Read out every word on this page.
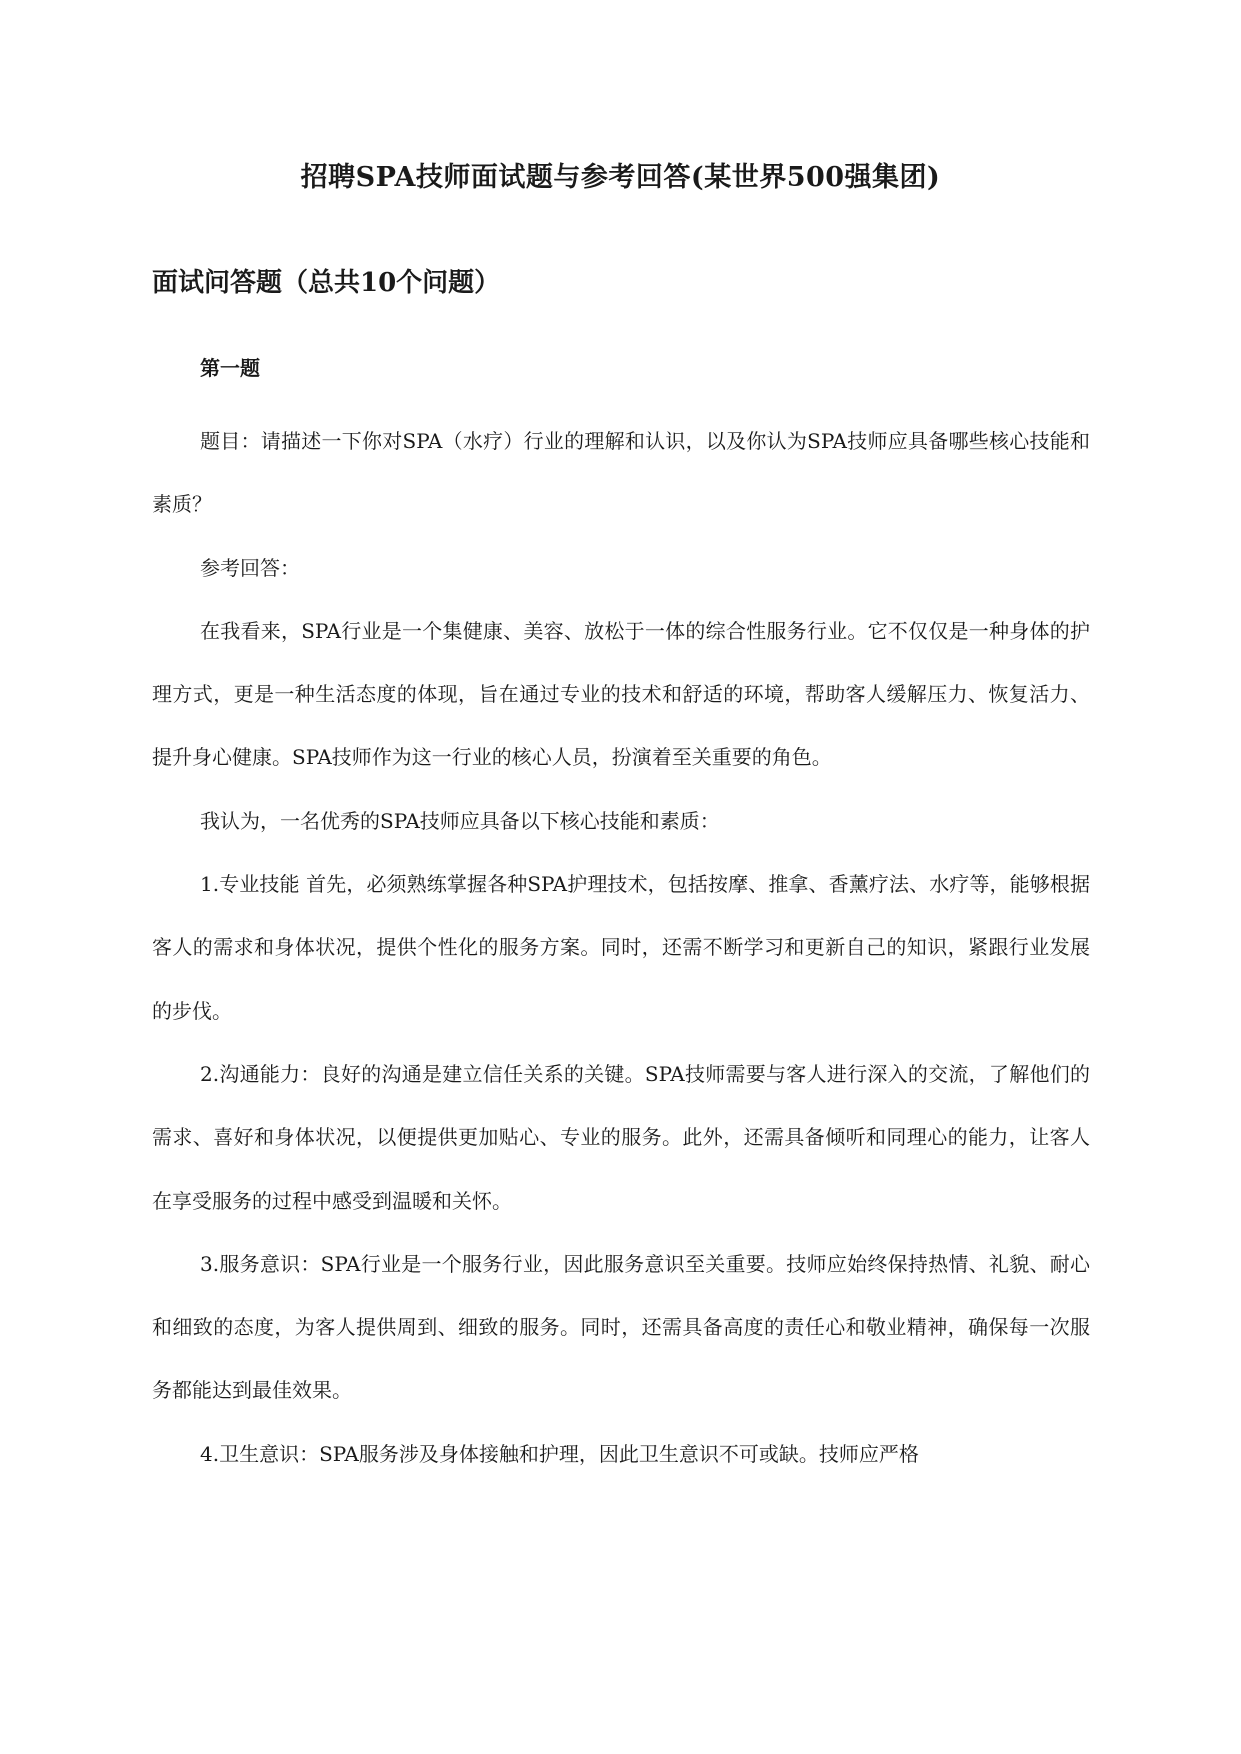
招聘SPA技师面试题与参考回答(某世界500强集团)
面试问答题（总共10个问题）
第一题

题目：请描述一下你对SPA（水疗）行业的理解和认识，以及你认为SPA技师应具备哪些核心技能和素质？

参考回答：

在我看来，SPA行业是一个集健康、美容、放松于一体的综合性服务行业。它不仅仅是一种身体的护理方式，更是一种生活态度的体现，旨在通过专业的技术和舒适的环境，帮助客人缓解压力、恢复活力、提升身心健康。SPA技师作为这一行业的核心人员，扮演着至关重要的角色。

我认为，一名优秀的SPA技师应具备以下核心技能和素质：

1.专业技能 首先，必须熟练掌握各种SPA护理技术，包括按摩、推拿、香薰疗法、水疗等，能够根据客人的需求和身体状况，提供个性化的服务方案。同时，还需不断学习和更新自己的知识，紧跟行业发展的步伐。

2.沟通能力：良好的沟通是建立信任关系的关键。SPA技师需要与客人进行深入的交流，了解他们的需求、喜好和身体状况，以便提供更加贴心、专业的服务。此外，还需具备倾听和同理心的能力，让客人在享受服务的过程中感受到温暖和关怀。

3.服务意识：SPA行业是一个服务行业，因此服务意识至关重要。技师应始终保持热情、礼貌、耐心和细致的态度，为客人提供周到、细致的服务。同时，还需具备高度的责任心和敬业精神，确保每一次服务都能达到最佳效果。

4.卫生意识：SPA服务涉及身体接触和护理，因此卫生意识不可或缺。技师应严格
